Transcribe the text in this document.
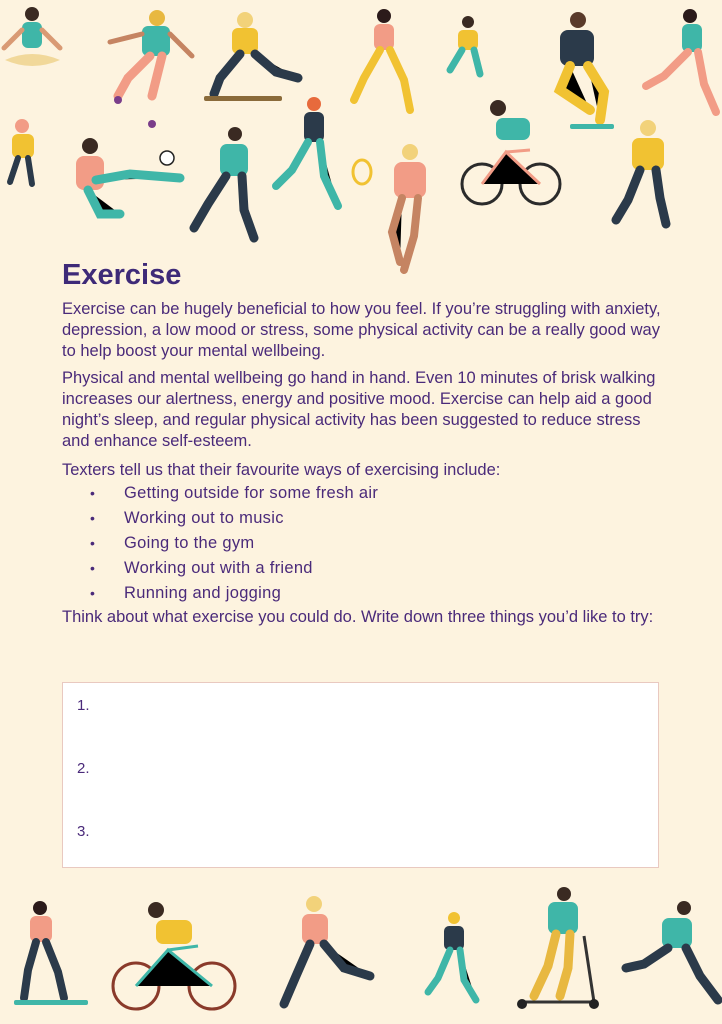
Exercise

Exercise can be hugely beneficial to how you feel. If you’re struggling with anxiety, depression, a low mood or stress, some physical activity can be a really good way to help boost your mental wellbeing.

Physical and mental wellbeing go hand in hand. Even 10 minutes of brisk walking increases our alertness, energy and positive mood. Exercise can help aid a good night’s sleep, and regular physical activity has been suggested to reduce stress and enhance self-esteem.

Texters tell us that their favourite ways of exercising include:

• Getting outside for some fresh air
• Working out to music
• Going to the gym
• Working out with a friend
• Running and jogging

Think about what exercise you could do. Write down three things you’d like to try:

1.
2.
3.
